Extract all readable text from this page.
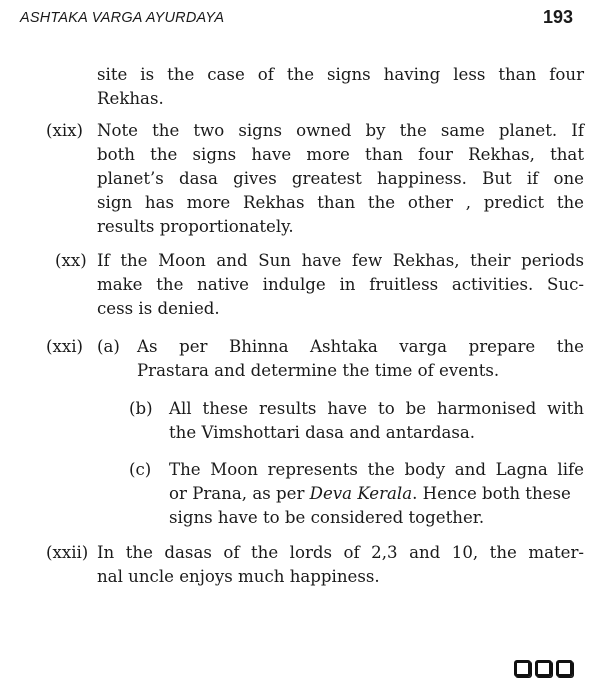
ASHTAKA VARGA AYURDAYA	193
site is the case of the signs having less than four
Rekhas.
(xix) Note the two signs owned by the same planet. If
both the signs have more than four Rekhas, that
planet’s dasa gives greatest happiness. But if one
sign has more Rekhas than the other , predict the
results proportionately.
(xx) If the Moon and Sun have few Rekhas, their periods
make the native indulge in fruitless activities. Suc-
cess is denied.
(xxi) (a) As per Bhinna Ashtaka varga prepare the
Prastara and determine the time of events.
(b) All these results have to be harmonised with
the Vimshottari dasa and antardasa.
(c) The Moon represents the body and Lagna life
or Prana, as per Deva Kerala. Hence both these
signs have to be considered together.
(xxii) In the dasas of the lords of 2,3 and 10, the mater-
nal uncle enjoys much happiness.
